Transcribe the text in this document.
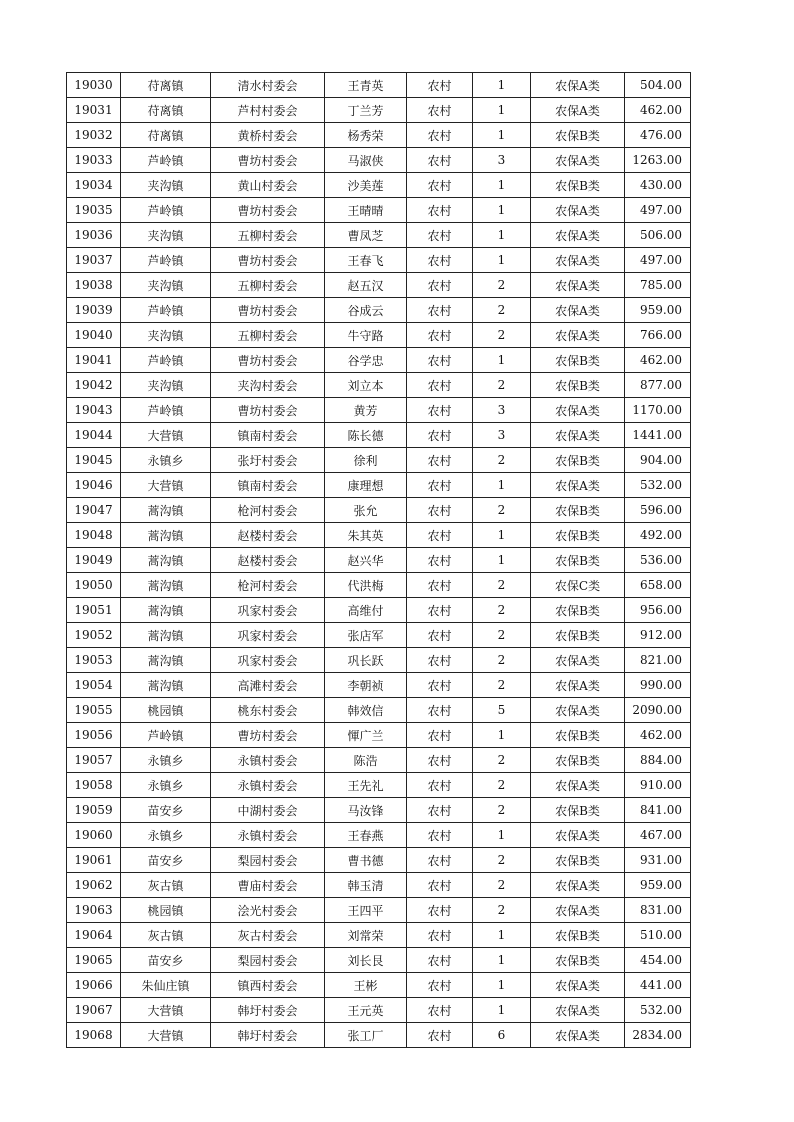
19030	苻离镇	清水村委会	王青英	农村	1	农保A类	504.00
19031	苻离镇	芦村村委会	丁兰芳	农村	1	农保A类	462.00
19032	苻离镇	黄桥村委会	杨秀荣	农村	1	农保B类	476.00
19033	芦岭镇	曹坊村委会	马淑侠	农村	3	农保A类	1263.00
19034	夹沟镇	黄山村委会	沙美莲	农村	1	农保B类	430.00
19035	芦岭镇	曹坊村委会	王晴晴	农村	1	农保A类	497.00
19036	夹沟镇	五柳村委会	曹凤芝	农村	1	农保A类	506.00
19037	芦岭镇	曹坊村委会	王春飞	农村	1	农保A类	497.00
19038	夹沟镇	五柳村委会	赵五汉	农村	2	农保A类	785.00
19039	芦岭镇	曹坊村委会	谷成云	农村	2	农保A类	959.00
19040	夹沟镇	五柳村委会	牛守路	农村	2	农保A类	766.00
19041	芦岭镇	曹坊村委会	谷学忠	农村	1	农保B类	462.00
19042	夹沟镇	夹沟村委会	刘立本	农村	2	农保B类	877.00
19043	芦岭镇	曹坊村委会	黄芳	农村	3	农保A类	1170.00
19044	大营镇	镇南村委会	陈长德	农村	3	农保A类	1441.00
19045	永镇乡	张圩村委会	徐利	农村	2	农保B类	904.00
19046	大营镇	镇南村委会	康理想	农村	1	农保A类	532.00
19047	蒿沟镇	枪河村委会	张允	农村	2	农保B类	596.00
19048	蒿沟镇	赵楼村委会	朱其英	农村	1	农保B类	492.00
19049	蒿沟镇	赵楼村委会	赵兴华	农村	1	农保B类	536.00
19050	蒿沟镇	枪河村委会	代洪梅	农村	2	农保C类	658.00
19051	蒿沟镇	巩家村委会	高维付	农村	2	农保B类	956.00
19052	蒿沟镇	巩家村委会	张店军	农村	2	农保B类	912.00
19053	蒿沟镇	巩家村委会	巩长跃	农村	2	农保A类	821.00
19054	蒿沟镇	高滩村委会	李朝祯	农村	2	农保A类	990.00
19055	桃园镇	桃东村委会	韩效信	农村	5	农保A类	2090.00
19056	芦岭镇	曹坊村委会	惲广兰	农村	1	农保B类	462.00
19057	永镇乡	永镇村委会	陈浩	农村	2	农保B类	884.00
19058	永镇乡	永镇村委会	王先礼	农村	2	农保A类	910.00
19059	苗安乡	中湖村委会	马汝锋	农村	2	农保B类	841.00
19060	永镇乡	永镇村委会	王春燕	农村	1	农保A类	467.00
19061	苗安乡	梨园村委会	曹书德	农村	2	农保B类	931.00
19062	灰古镇	曹庙村委会	韩玉清	农村	2	农保A类	959.00
19063	桃园镇	浍光村委会	王四平	农村	2	农保A类	831.00
19064	灰古镇	灰古村委会	刘常荣	农村	1	农保B类	510.00
19065	苗安乡	梨园村委会	刘长艮	农村	1	农保B类	454.00
19066	朱仙庄镇	镇西村委会	王彬	农村	1	农保A类	441.00
19067	大营镇	韩圩村委会	王元英	农村	1	农保A类	532.00
19068	大营镇	韩圩村委会	张工厂	农村	6	农保A类	2834.00
